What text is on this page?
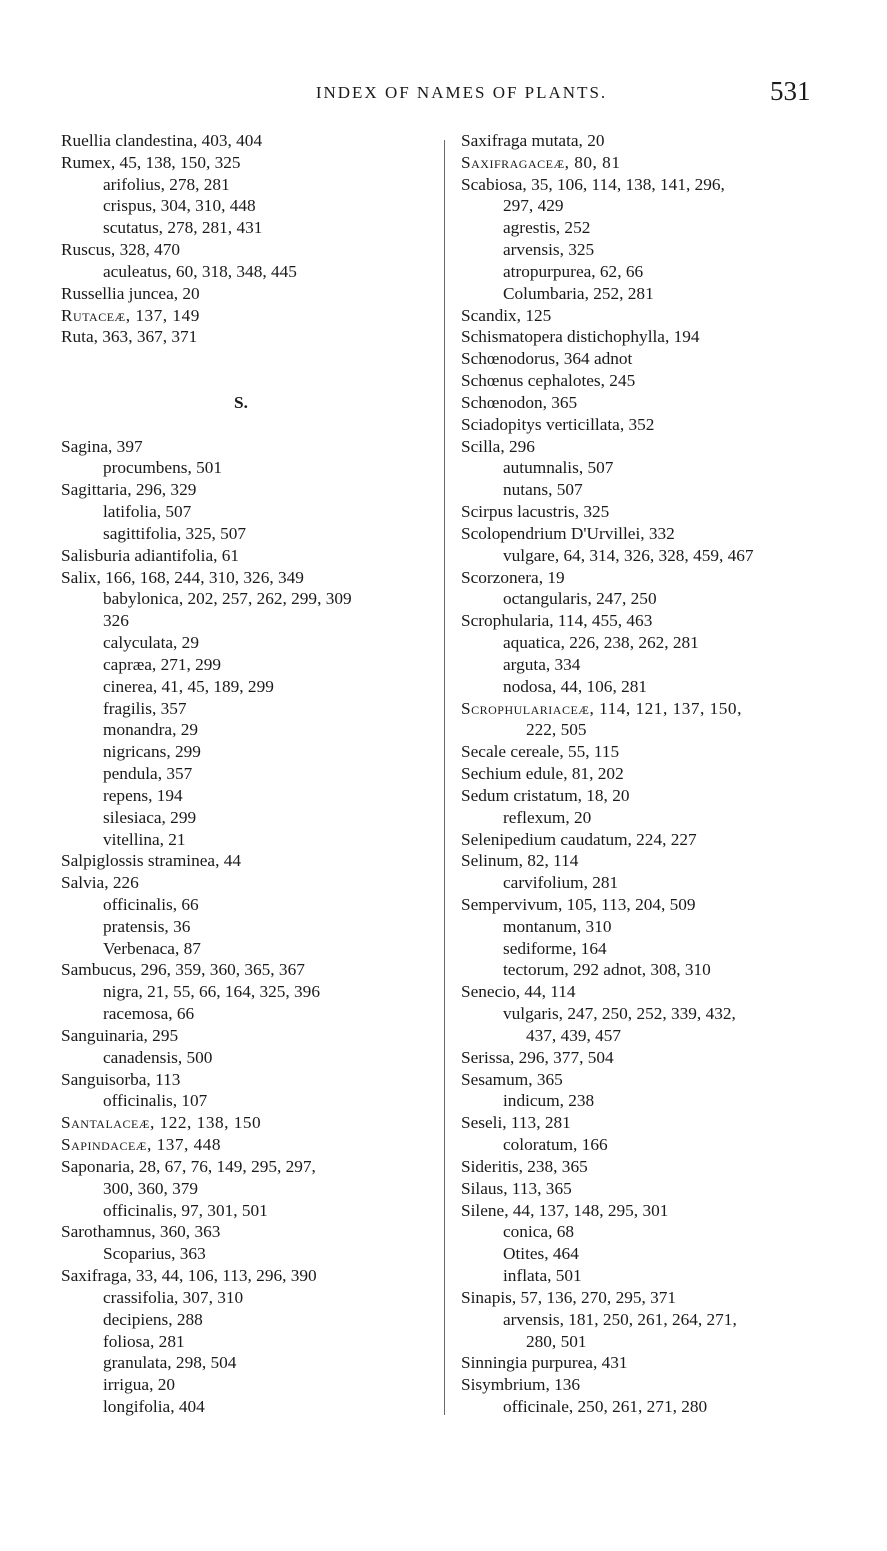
INDEX OF NAMES OF PLANTS.	531
Ruellia clandestina, 403, 404
Rumex, 45, 138, 150, 325
arifolius, 278, 281
crispus, 304, 310, 448
scutatus, 278, 281, 431
Ruscus, 328, 470
aculeatus, 60, 318, 348, 445
Russellia juncea, 20
Rutaceæ, 137, 149
Ruta, 363, 367, 371
S.
Sagina, 397
procumbens, 501
Sagittaria, 296, 329
latifolia, 507
sagittifolia, 325, 507
Salisburia adiantifolia, 61
Salix, 166, 168, 244, 310, 326, 349
babylonica, 202, 257, 262, 299, 309
326
calyculata, 29
capræa, 271, 299
cinerea, 41, 45, 189, 299
fragilis, 357
monandra, 29
nigricans, 299
pendula, 357
repens, 194
silesiaca, 299
vitellina, 21
Salpiglossis straminea, 44
Salvia, 226
officinalis, 66
pratensis, 36
Verbenaca, 87
Sambucus, 296, 359, 360, 365, 367
nigra, 21, 55, 66, 164, 325, 396
racemosa, 66
Sanguinaria, 295
canadensis, 500
Sanguisorba, 113
officinalis, 107
Santalaceæ, 122, 138, 150
Sapindaceæ, 137, 448
Saponaria, 28, 67, 76, 149, 295, 297,
300, 360, 379
officinalis, 97, 301, 501
Sarothamnus, 360, 363
Scoparius, 363
Saxifraga, 33, 44, 106, 113, 296, 390
crassifolia, 307, 310
decipiens, 288
foliosa, 281
granulata, 298, 504
irrigua, 20
longifolia, 404
Saxifraga mutata, 20
Saxifragaceæ, 80, 81
Scabiosa, 35, 106, 114, 138, 141, 296,
297, 429
agrestis, 252
arvensis, 325
atropurpurea, 62, 66
Columbaria, 252, 281
Scandix, 125
Schismatopera distichophylla, 194
Schœnodorus, 364 adnot
Schœnus cephalotes, 245
Schœnodon, 365
Sciadopitys verticillata, 352
Scilla, 296
autumnalis, 507
nutans, 507
Scirpus lacustris, 325
Scolopendrium D'Urvillei, 332
vulgare, 64, 314, 326, 328, 459, 467
Scorzonera, 19
octangularis, 247, 250
Scrophularia, 114, 455, 463
aquatica, 226, 238, 262, 281
arguta, 334
nodosa, 44, 106, 281
Scrophulariaceæ, 114, 121, 137, 150,
222, 505
Secale cereale, 55, 115
Sechium edule, 81, 202
Sedum cristatum, 18, 20
reflexum, 20
Selenipedium caudatum, 224, 227
Selinum, 82, 114
carvifolium, 281
Sempervivum, 105, 113, 204, 509
montanum, 310
sediforme, 164
tectorum, 292 adnot, 308, 310
Senecio, 44, 114
vulgaris, 247, 250, 252, 339, 432,
437, 439, 457
Serissa, 296, 377, 504
Sesamum, 365
indicum, 238
Seseli, 113, 281
coloratum, 166
Sideritis, 238, 365
Silaus, 113, 365
Silene, 44, 137, 148, 295, 301
conica, 68
Otites, 464
inflata, 501
Sinapis, 57, 136, 270, 295, 371
arvensis, 181, 250, 261, 264, 271,
280, 501
Sinningia purpurea, 431
Sisymbrium, 136
officinale, 250, 261, 271, 280
